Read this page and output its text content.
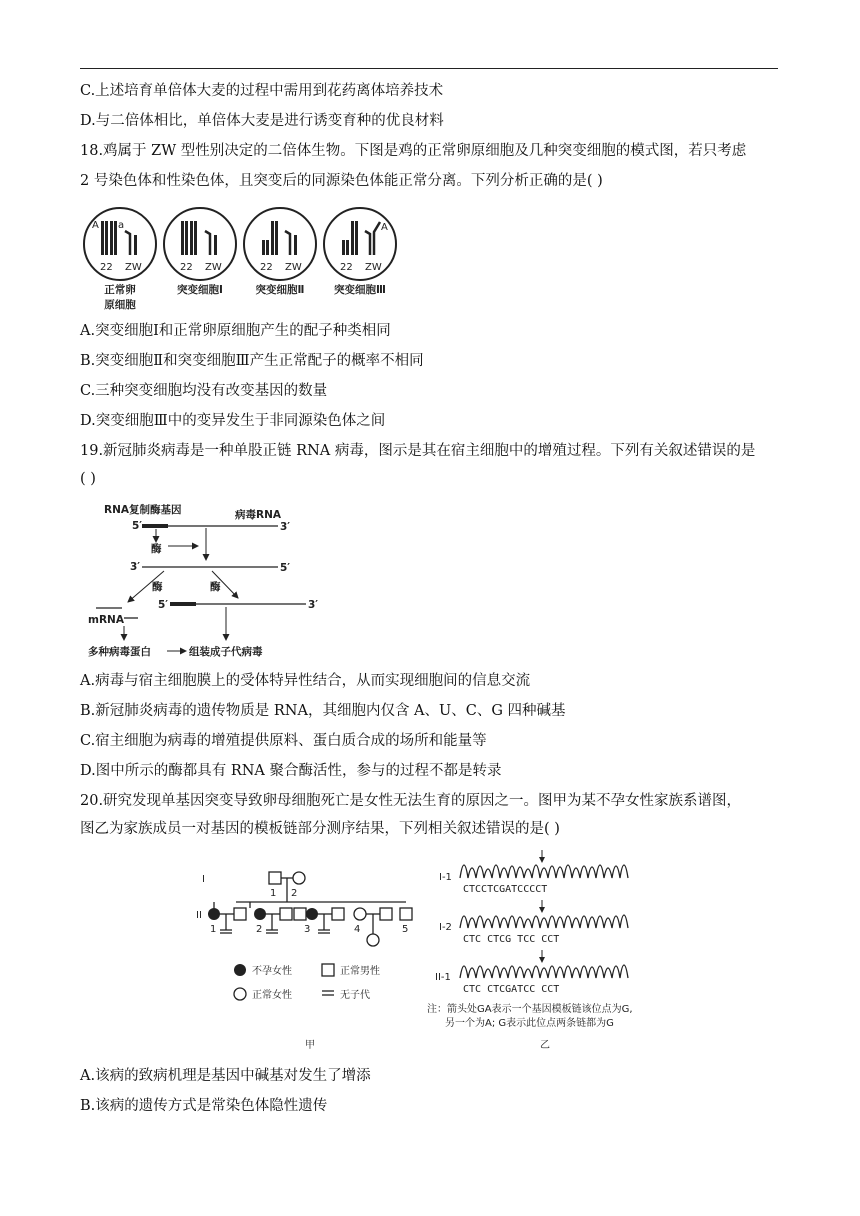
C.上述培育单倍体大麦的过程中需用到花药离体培养技术
D.与二倍体相比，单倍体大麦是进行诱变育种的优良材料
18.鸡属于 ZW 型性别决定的二倍体生物。下图是鸡的正常卵原细胞及几种突变细胞的模式图，若只考虑
2 号染色体和性染色体，且突变后的同源染色体能正常分离。下列分析正确的是( )
A a
22 ZW	22 ZW	22 ZW
A
22 ZW
正常卵
原细胞
突变细胞Ⅰ	突变细胞Ⅱ	突变细胞Ⅲ
A.突变细胞Ⅰ和正常卵原细胞产生的配子种类相同
B.突变细胞Ⅱ和突变细胞Ⅲ产生正常配子的概率不相同
C.三种突变细胞均没有改变基因的数量
D.突变细胞Ⅲ中的变异发生于非同源染色体之间
19.新冠肺炎病毒是一种单股正链 RNA 病毒，图示是其在宿主细胞中的增殖过程。下列有关叙述错误的是
( )
RNA复制酶基因	病毒RNA
5′	3′
酶
3′	5′
酶	酶
5′	3′
mRNA
多种病毒蛋白	组装成子代病毒
A.病毒与宿主细胞膜上的受体特异性结合，从而实现细胞间的信息交流
B.新冠肺炎病毒的遗传物质是 RNA，其细胞内仅含 A、U、C、G 四种碱基
C.宿主细胞为病毒的增殖提供原料、蛋白质合成的场所和能量等
D.图中所示的酶都具有 RNA 聚合酶活性，参与的过程不都是转录
20.研究发现单基因突变导致卵母细胞死亡是女性无法生育的原因之一。图甲为某不孕女性家族系谱图，
图乙为家族成员一对基因的模板链部分测序结果，下列相关叙述错误的是( )
I
1 2
II
1	2	3	4	5
不孕女性	正常男性
正常女性	无子代
甲
I-1
CTCCTCGATCCCCT
I-2
CTC CTCG TCC CCT
II-1
CTC CTCGATCC CCT
注：箭头处GA表示一个基因模板链该位点为G,
另一个为A; G表示此位点两条链都为G
乙
A.该病的致病机理是基因中碱基对发生了增添
B.该病的遗传方式是常染色体隐性遗传
